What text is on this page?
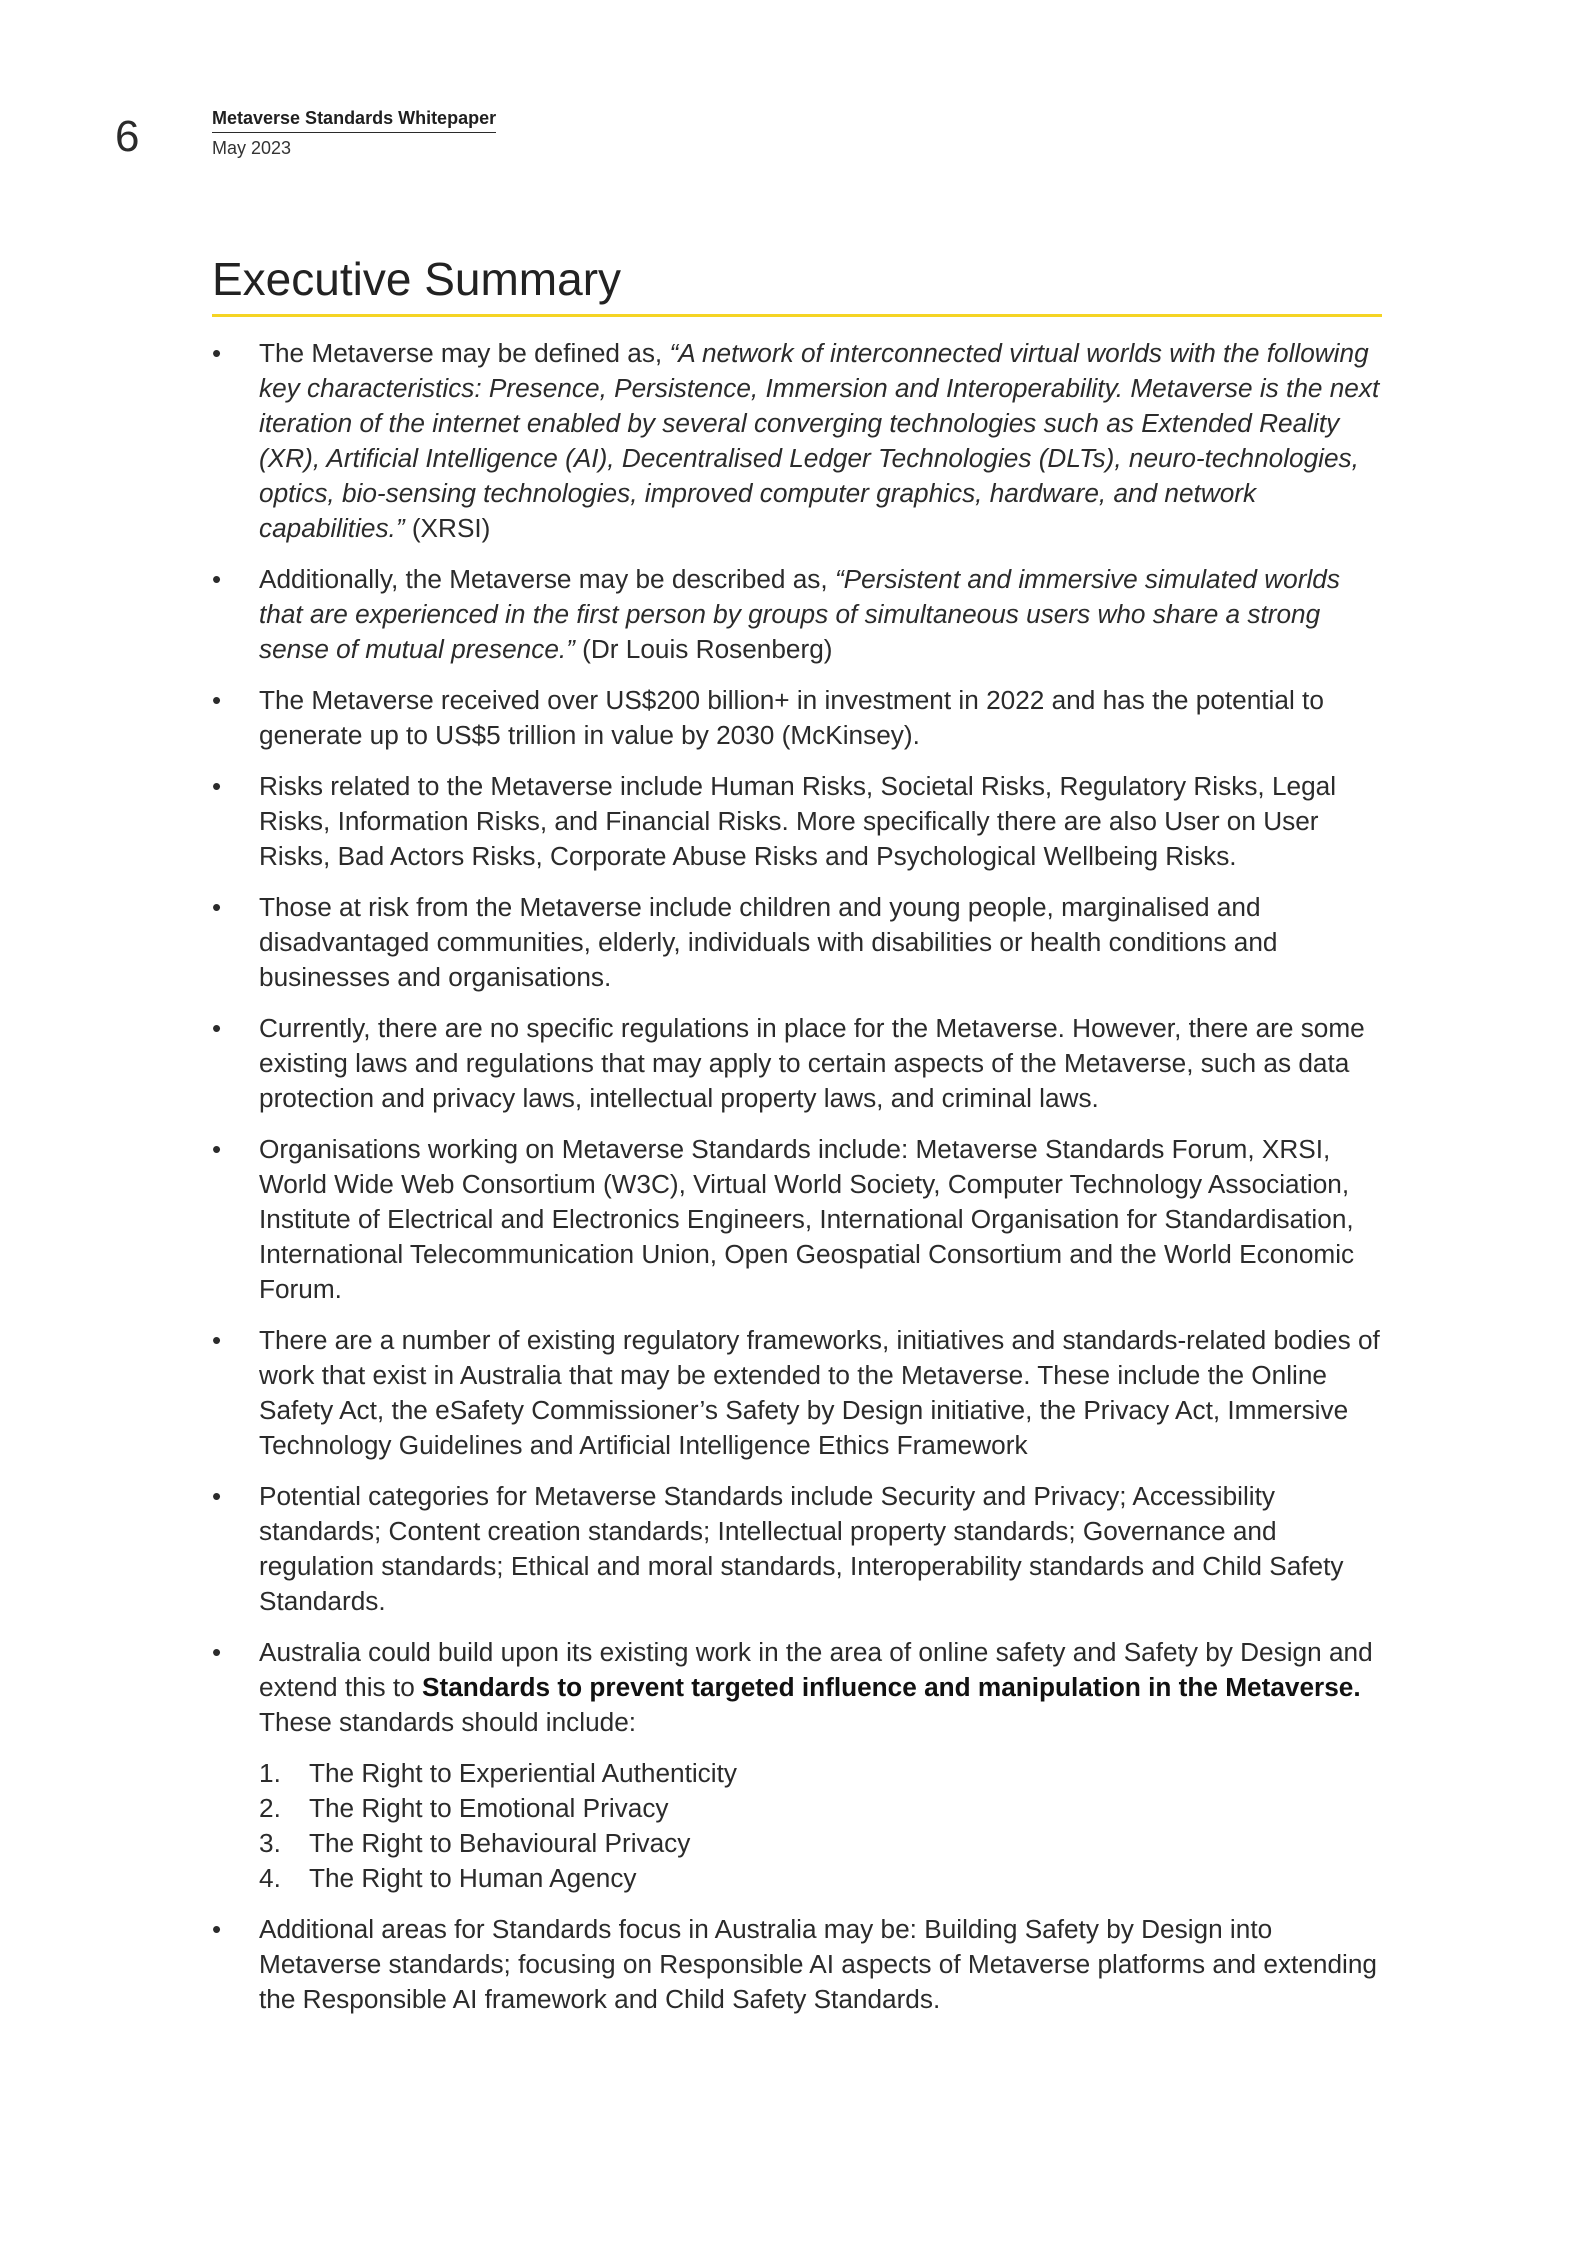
6	Metaverse Standards Whitepaper
May 2023
Executive Summary
• The Metaverse may be defined as, “A network of interconnected virtual worlds with the following key characteristics: Presence, Persistence, Immersion and Interoperability. Metaverse is the next iteration of the internet enabled by several converging technologies such as Extended Reality (XR), Artificial Intelligence (AI), Decentralised Ledger Technologies (DLTs), neuro-technologies, optics, bio-sensing technologies, improved computer graphics, hardware, and network capabilities.” (XRSI)
• Additionally, the Metaverse may be described as, “Persistent and immersive simulated worlds that are experienced in the first person by groups of simultaneous users who share a strong sense of mutual presence.” (Dr Louis Rosenberg)
• The Metaverse received over US$200 billion+ in investment in 2022 and has the potential to generate up to US$5 trillion in value by 2030 (McKinsey).
• Risks related to the Metaverse include Human Risks, Societal Risks, Regulatory Risks, Legal Risks, Information Risks, and Financial Risks. More specifically there are also User on User Risks, Bad Actors Risks, Corporate Abuse Risks and Psychological Wellbeing Risks.
• Those at risk from the Metaverse include children and young people, marginalised and disadvantaged communities, elderly, individuals with disabilities or health conditions and businesses and organisations.
• Currently, there are no specific regulations in place for the Metaverse. However, there are some existing laws and regulations that may apply to certain aspects of the Metaverse, such as data protection and privacy laws, intellectual property laws, and criminal laws.
• Organisations working on Metaverse Standards include: Metaverse Standards Forum, XRSI, World Wide Web Consortium (W3C), Virtual World Society, Computer Technology Association, Institute of Electrical and Electronics Engineers, International Organisation for Standardisation, International Telecommunication Union, Open Geospatial Consortium and the World Economic Forum.
• There are a number of existing regulatory frameworks, initiatives and standards-related bodies of work that exist in Australia that may be extended to the Metaverse. These include the Online Safety Act, the eSafety Commissioner’s Safety by Design initiative, the Privacy Act, Immersive Technology Guidelines and Artificial Intelligence Ethics Framework
• Potential categories for Metaverse Standards include Security and Privacy; Accessibility standards; Content creation standards; Intellectual property standards; Governance and regulation standards; Ethical and moral standards, Interoperability standards and Child Safety Standards.
• Australia could build upon its existing work in the area of online safety and Safety by Design and extend this to Standards to prevent targeted influence and manipulation in the Metaverse. These standards should include:
1.	The Right to Experiential Authenticity
2.	The Right to Emotional Privacy
3.	The Right to Behavioural Privacy
4.	The Right to Human Agency
• Additional areas for Standards focus in Australia may be: Building Safety by Design into Metaverse standards; focusing on Responsible AI aspects of Metaverse platforms and extending the Responsible AI framework and Child Safety Standards.
